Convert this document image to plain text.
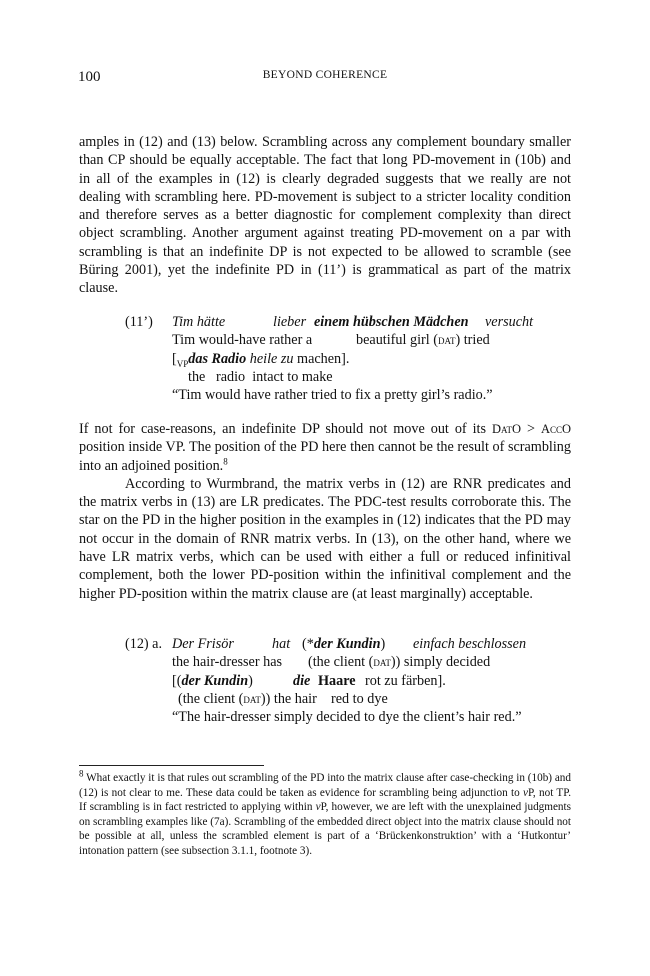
100	BEYOND COHERENCE
amples in (12) and (13) below. Scrambling across any complement boundary smaller than CP should be equally acceptable. The fact that long PD-movement in (10b) and in all of the examples in (12) is clearly degraded suggests that we really are not dealing with scrambling here. PD-movement is subject to a stricter locality condition and therefore serves as a better diagnostic for complement complexity than direct object scrambling. Another argument against treating PD-movement on a par with scrambling is that an indefinite DP is not expected to be allowed to scramble (see Büring 2001), yet the indefinite PD in (11’) is grammatical as part of the matrix clause.
(11’) Tim hätte	lieber einem hübschen Mädchen versucht
Tim would-have rather a	beautiful girl (dat) tried
[$_{VP}das$ Radio heile zu machen].
the   radio  intact to make
“Tim would have rather tried to fix a pretty girl’s radio.”
If not for case-reasons, an indefinite DP should not move out of its DatO > AccO position inside VP. The position of the PD here then cannot be the result of scrambling into an adjoined position.$^8$
According to Wurmbrand, the matrix verbs in (12) are RNR predicates and the matrix verbs in (13) are LR predicates. The PDC-test results corroborate this. The star on the PD in the higher position in the examples in (12) indicates that the PD may not occur in the domain of RNR matrix verbs. In (13), on the other hand, where we have LR matrix verbs, which can be used with either a full or reduced infinitival complement, both the lower PD-position within the infinitival complement and the higher PD-position within the matrix clause are (at least marginally) acceptable.
(12) a. Der Frisör	hat (*der Kundin) einfach beschlossen
the hair-dresser has (the client (dat)) simply decided
[(der Kundin)	die Haare rot zu färben].
(the client (dat)) the hair    red to dye
“The hair-dresser simply decided to dye the client’s hair red.”
$^8$ What exactly it is that rules out scrambling of the PD into the matrix clause after case-checking in (10b) and (12) is not clear to me. These data could be taken as evidence for scrambling being adjunction to vP, not TP. If scrambling is in fact restricted to applying within vP, however, we are left with the unexplained judgments on scrambling examples like (7a). Scrambling of the embedded direct object into the matrix clause should not be possible at all, unless the scrambled element is part of a ‘Brückenkonstruktion’ with a ‘Hutkontur’ intonation pattern (see subsection 3.1.1, footnote 3).
